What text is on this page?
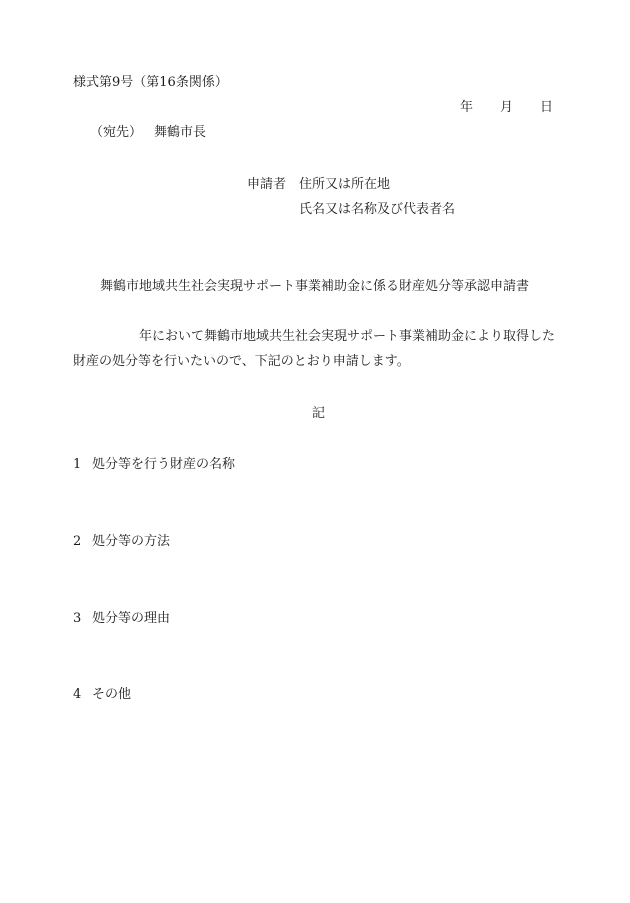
様式第9号（第16条関係）
年 月 日
（宛先） 舞鶴市長
申請者 住所又は所在地
氏名又は名称及び代表者名
舞鶴市地域共生社会実現サポート事業補助金に係る財産処分等承認申請書
年において舞鶴市地域共生社会実現サポート事業補助金により取得した
財産の処分等を行いたいので、下記のとおり申請します。
記
1 処分等を行う財産の名称
2 処分等の方法
3 処分等の理由
4 その他
